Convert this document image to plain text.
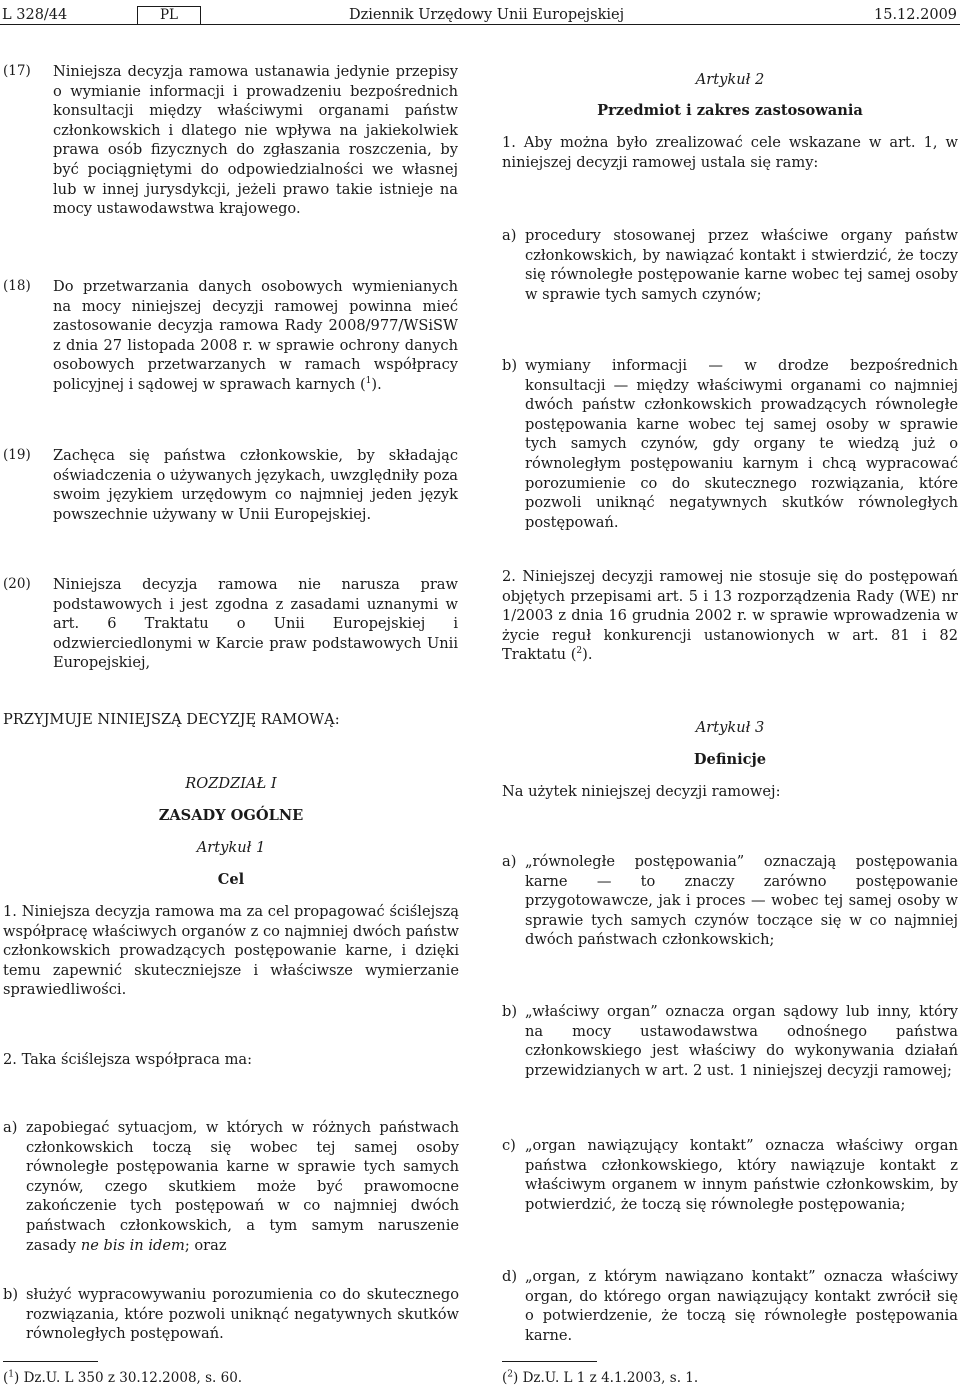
L 328/44	PL	Dziennik Urzędowy Unii Europejskiej	15.12.2009
(17) Niniejsza decyzja ramowa ustanawia jedynie przepisy o wymianie informacji i prowadzeniu bezpośrednich konsultacji między właściwymi organami państw członkowskich i dlatego nie wpływa na jakiekolwiek prawa osób fizycznych do zgłaszania roszczenia, by być pociągniętymi do odpowiedzialności we własnej lub w innej jurysdykcji, jeżeli prawo takie istnieje na mocy ustawodawstwa krajowego.
(18) Do przetwarzania danych osobowych wymienianych na mocy niniejszej decyzji ramowej powinna mieć zastosowanie decyzja ramowa Rady 2008/977/WSiSW z dnia 27 listopada 2008 r. w sprawie ochrony danych osobowych przetwarzanych w ramach współpracy policyjnej i sądowej w sprawach karnych ($^1$).
(19) Zachęca się państwa członkowskie, by składając oświadczenia o używanych językach, uwzględniły poza swoim językiem urzędowym co najmniej jeden język powszechnie używany w Unii Europejskiej.
(20) Niniejsza decyzja ramowa nie narusza praw podstawowych i jest zgodna z zasadami uznanymi w art. 6 Traktatu o Unii Europejskiej i odzwierciedlonymi w Karcie praw podstawowych Unii Europejskiej,
Artykuł 2
Przedmiot i zakres zastosowania
1. Aby można było zrealizować cele wskazane w art. 1, w niniejszej decyzji ramowej ustala się ramy:
a) procedury stosowanej przez właściwe organy państw członkowskich, by nawiązać kontakt i stwierdzić, że toczy się równoległe postępowanie karne wobec tej samej osoby w sprawie tych samych czynów;
b) wymiany informacji — w drodze bezpośrednich konsultacji — między właściwymi organami co najmniej dwóch państw członkowskich prowadzących równoległe postępowania karne wobec tej samej osoby w sprawie tych samych czynów, gdy organy te wiedzą już o równoległym postępowaniu karnym i chcą wypracować porozumienie co do skutecznego rozwiązania, które pozwoli uniknąć negatywnych skutków równoległych postępowań.
2. Niniejszej decyzji ramowej nie stosuje się do postępowań objętych przepisami art. 5 i 13 rozporządzenia Rady (WE) nr 1/2003 z dnia 16 grudnia 2002 r. w sprawie wprowadzenia w życie reguł konkurencji ustanowionych w art. 81 i 82 Traktatu ($^2$).
PRZYJMUJE NINIEJSZĄ DECYZJĘ RAMOWĄ:
ROZDZIAŁ I
ZASADY OGÓLNE
Artykuł 1
Cel
1. Niniejsza decyzja ramowa ma za cel propagować ściślejszą współpracę właściwych organów z co najmniej dwóch państw członkowskich prowadzących postępowanie karne, i dzięki temu zapewnić skuteczniejsze i właściwsze wymierzanie sprawiedliwości.
2. Taka ściślejsza współpraca ma:
a) zapobiegać sytuacjom, w których w różnych państwach członkowskich toczą się wobec tej samej osoby równoległe postępowania karne w sprawie tych samych czynów, czego skutkiem może być prawomocne zakończenie tych postępowań w co najmniej dwóch państwach członkowskich, a tym samym naruszenie zasady ne bis in idem; oraz
b) służyć wypracowywaniu porozumienia co do skutecznego rozwiązania, które pozwoli uniknąć negatywnych skutków równoległych postępowań.
Artykuł 3
Definicje
Na użytek niniejszej decyzji ramowej:
a) „równoległe postępowania” oznaczają postępowania karne — to znaczy zarówno postępowanie przygotowawcze, jak i proces — wobec tej samej osoby w sprawie tych samych czynów toczące się w co najmniej dwóch państwach członkowskich;
b) „właściwy organ” oznacza organ sądowy lub inny, który na mocy ustawodawstwa odnośnego państwa członkowskiego jest właściwy do wykonywania działań przewidzianych w art. 2 ust. 1 niniejszej decyzji ramowej;
c) „organ nawiązujący kontakt” oznacza właściwy organ państwa członkowskiego, który nawiązuje kontakt z właściwym organem w innym państwie członkowskim, by potwierdzić, że toczą się równoległe postępowania;
d) „organ, z którym nawiązano kontakt” oznacza właściwy organ, do którego organ nawiązujący kontakt zwrócił się o potwierdzenie, że toczą się równoległe postępowania karne.
($^1$) Dz.U. L 350 z 30.12.2008, s. 60.	($^2$) Dz.U. L 1 z 4.1.2003, s. 1.
